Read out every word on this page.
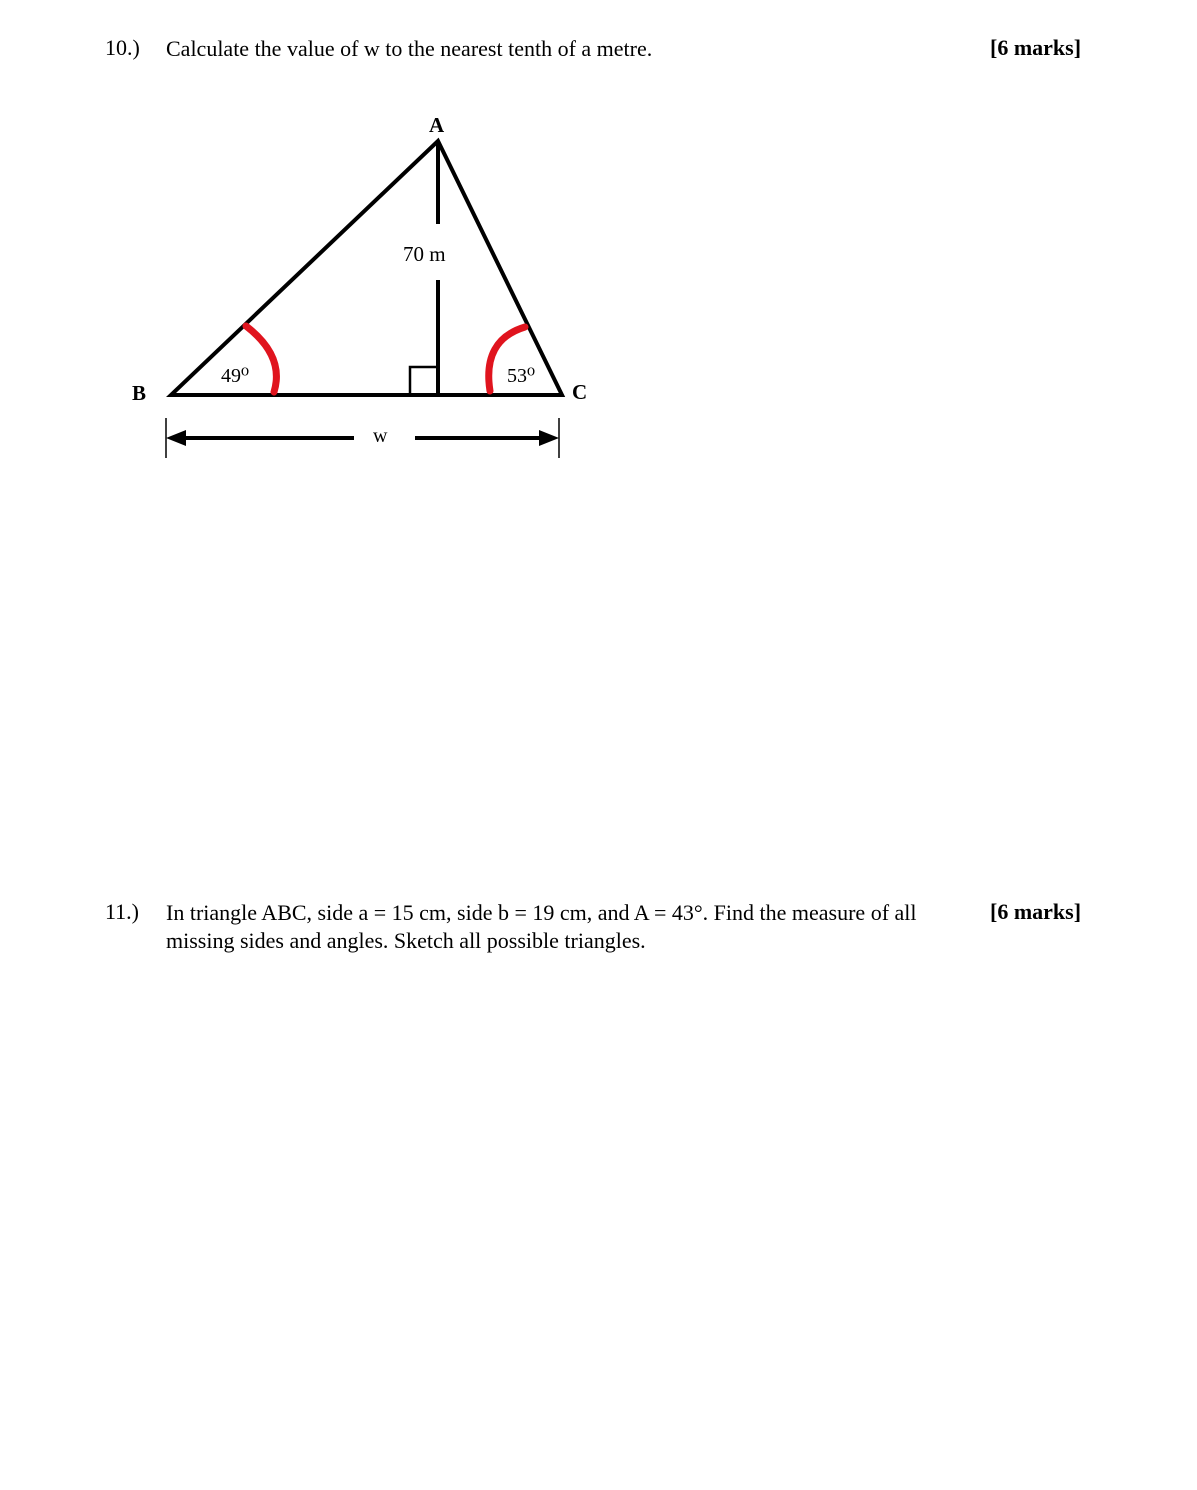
10.) Calculate the value of w to the nearest tenth of a metre.	[6 marks]
A
B	C
70 m
49⁰	53⁰
w
11.) In triangle ABC, side a = 15 cm, side b = 19 cm, and A = 43°. Find the measure of all missing sides and angles. Sketch all possible triangles.
[6 marks]
